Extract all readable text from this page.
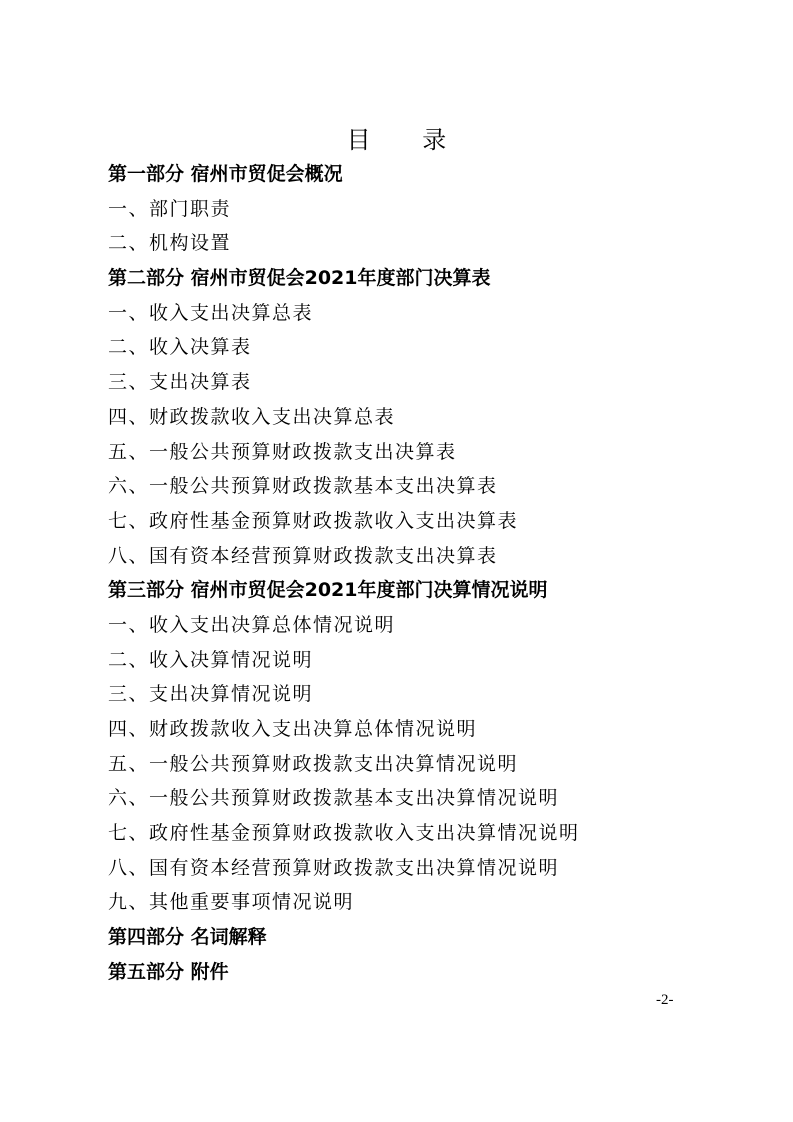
目 录
第一部分 宿州市贸促会概况
一、部门职责
二、机构设置
第二部分 宿州市贸促会2021年度部门决算表
一、收入支出决算总表
二、收入决算表
三、支出决算表
四、财政拨款收入支出决算总表
五、一般公共预算财政拨款支出决算表
六、一般公共预算财政拨款基本支出决算表
七、政府性基金预算财政拨款收入支出决算表
八、国有资本经营预算财政拨款支出决算表
第三部分 宿州市贸促会2021年度部门决算情况说明
一、收入支出决算总体情况说明
二、收入决算情况说明
三、支出决算情况说明
四、财政拨款收入支出决算总体情况说明
五、一般公共预算财政拨款支出决算情况说明
六、一般公共预算财政拨款基本支出决算情况说明
七、政府性基金预算财政拨款收入支出决算情况说明
八、国有资本经营预算财政拨款支出决算情况说明
九、其他重要事项情况说明
第四部分 名词解释
第五部分 附件
-2-
